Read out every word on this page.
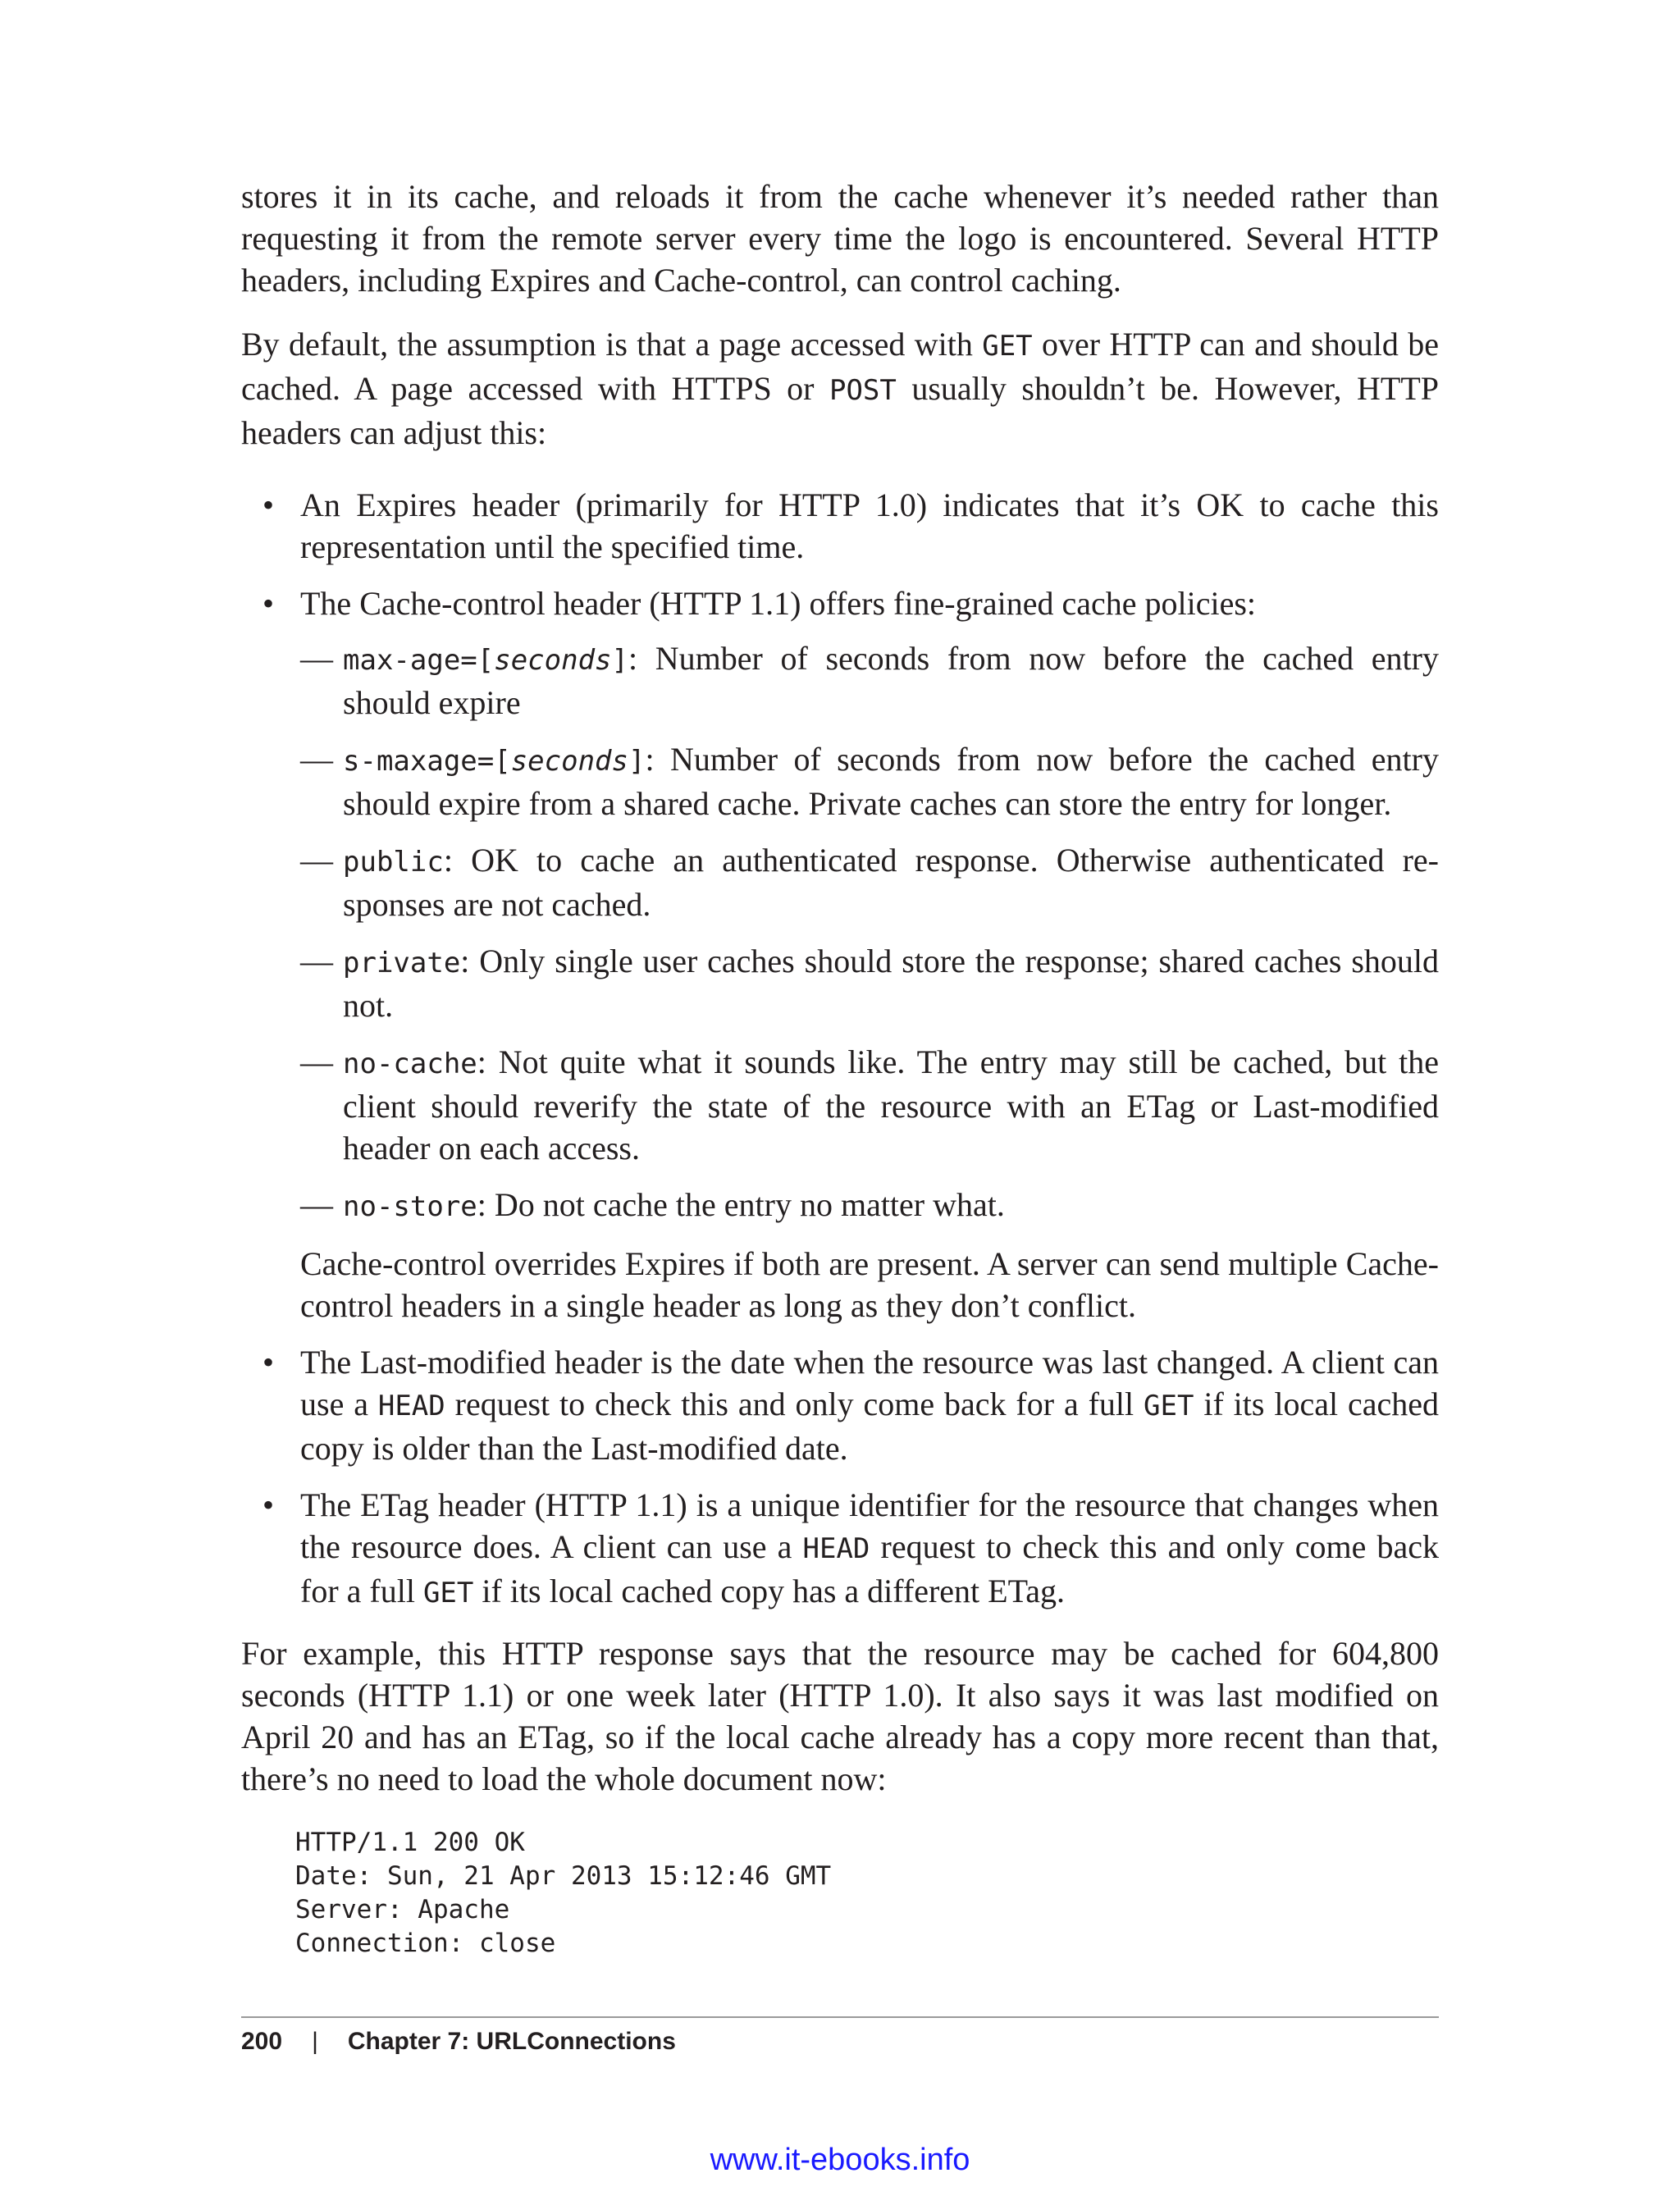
stores it in its cache, and reloads it from the cache whenever it’s needed rather than requesting it from the remote server every time the logo is encountered. Several HTTP headers, including Expires and Cache-control, can control caching.

By default, the assumption is that a page accessed with GET over HTTP can and should be cached. A page accessed with HTTPS or POST usually shouldn’t be. However, HTTP headers can adjust this:

• An Expires header (primarily for HTTP 1.0) indicates that it’s OK to cache this representation until the specified time.
• The Cache-control header (HTTP 1.1) offers fine-grained cache policies:
— max-age=[seconds]: Number of seconds from now before the cached entry should expire
— s-maxage=[seconds]: Number of seconds from now before the cached entry should expire from a shared cache. Private caches can store the entry for longer.
— public: OK to cache an authenticated response. Otherwise authenticated responses are not cached.
— private: Only single user caches should store the response; shared caches should not.
— no-cache: Not quite what it sounds like. The entry may still be cached, but the client should reverify the state of the resource with an ETag or Last-modified header on each access.
— no-store: Do not cache the entry no matter what.
Cache-control overrides Expires if both are present. A server can send multiple Cache-control headers in a single header as long as they don’t conflict.
• The Last-modified header is the date when the resource was last changed. A client can use a HEAD request to check this and only come back for a full GET if its local cached copy is older than the Last-modified date.
• The ETag header (HTTP 1.1) is a unique identifier for the resource that changes when the resource does. A client can use a HEAD request to check this and only come back for a full GET if its local cached copy has a different ETag.

For example, this HTTP response says that the resource may be cached for 604,800 seconds (HTTP 1.1) or one week later (HTTP 1.0). It also says it was last modified on April 20 and has an ETag, so if the local cache already has a copy more recent than that, there’s no need to load the whole document now:

HTTP/1.1 200 OK
Date: Sun, 21 Apr 2013 15:12:46 GMT
Server: Apache
Connection: close
200 | Chapter 7: URLConnections
www.it-ebooks.info
